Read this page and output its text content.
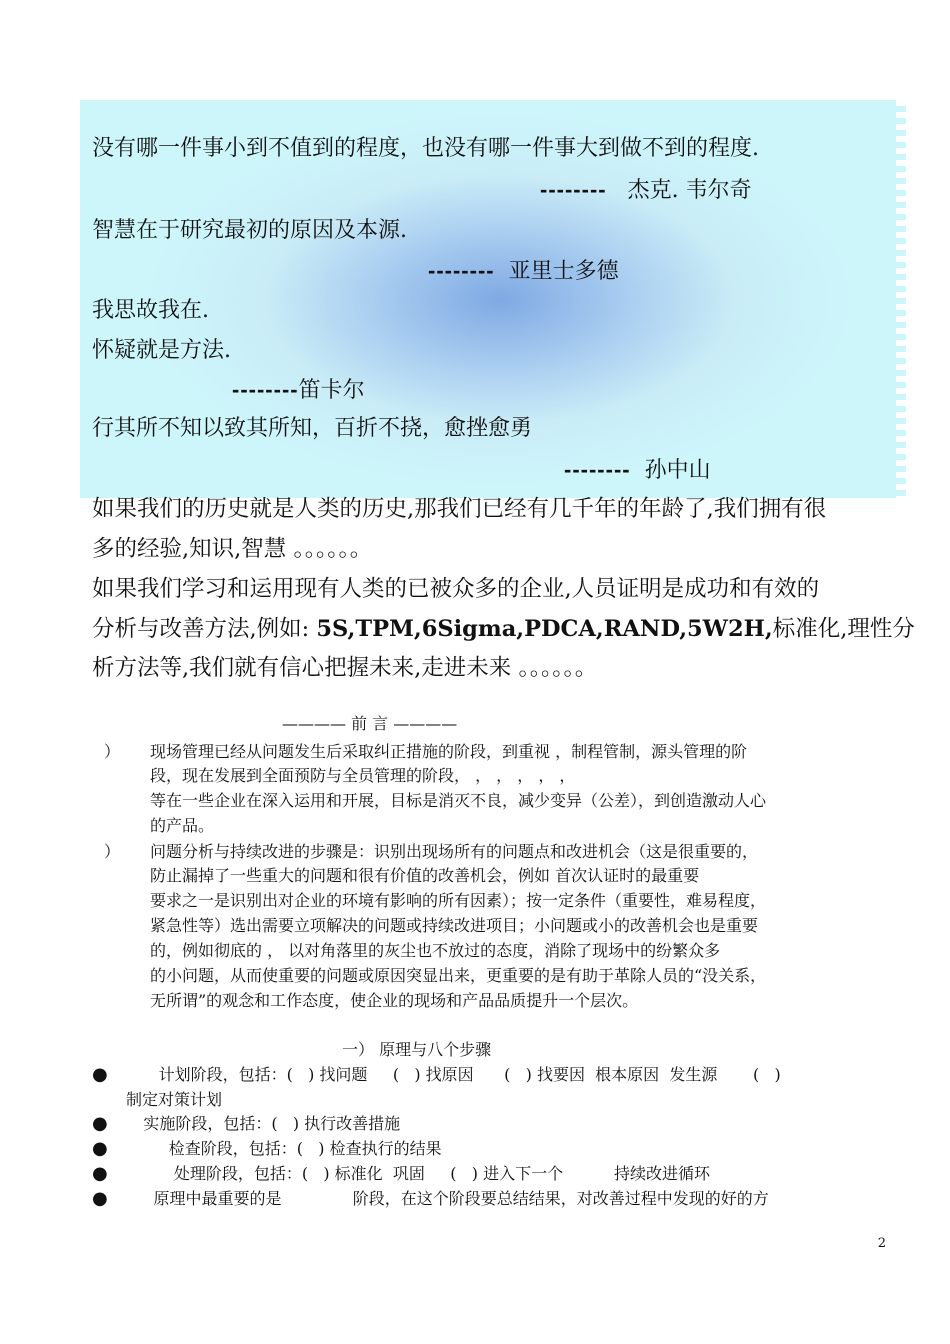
没有哪一件事小到不值到的程度，也没有哪一件事大到做不到的程度.
-------- 杰克. 韦尔奇
智慧在于研究最初的原因及本源.
-------- 亚里士多德
我思故我在.
怀疑就是方法.
--------笛卡尔
行其所不知以致其所知，百折不挠，愈挫愈勇
-------- 孙中山
如果我们的历史就是人类的历史,那我们已经有几千年的年龄了,我们拥有很
多的经验,知识,智慧 。。。。。。
如果我们学习和运用现有人类的已被众多的企业,人员证明是成功和有效的
分析与改善方法,例如: 5S,TPM,6Sigma,PDCA,RAND,5W2H,标准化,理性分
析方法等,我们就有信心把握未来,走进未来 。。。。。。
———— 前 言 ————
） 现场管理已经从问题发生后采取纠正措施的阶段，到重视 ，制程管制，源头管理的阶
段，现在发展到全面预防与全员管理的阶段， ， ， ， ， ，
等在一些企业在深入运用和开展，目标是消灭不良，减少变异（公差），到创造激动人心
的产品。
） 问题分析与持续改进的步骤是：识别出现场所有的问题点和改进机会（这是很重要的，
防止漏掉了一些重大的问题和很有价值的改善机会，例如 首次认证时的最重要
要求之一是识别出对企业的环境有影响的所有因素）；按一定条件（重要性，难易程度，
紧急性等）选出需要立项解决的问题或持续改进项目；小问题或小的改善机会也是重要
的，例如彻底的 ， 以对角落里的灰尘也不放过的态度，消除了现场中的纷繁众多
的小问题，从而使重要的问题或原因突显出来，更重要的是有助于革除人员的“没关系，
无所谓”的观念和工作态度，使企业的现场和产品品质提升一个层次。
一） 原理与八个步骤
●          计划阶段，包括：(   ) 找问题     (   ) 找原因      (   ) 找要因  根本原因  发生源       (   )
制定对策计划
●       实施阶段，包括：(   ) 执行改善措施
●            检查阶段，包括：(   ) 检查执行的结果
●             处理阶段，包括：(   ) 标准化  巩固     (   ) 进入下一个          持续改进循环
●         原理中最重要的是              阶段，在这个阶段要总结结果，对改善过程中发现的好的方
2
